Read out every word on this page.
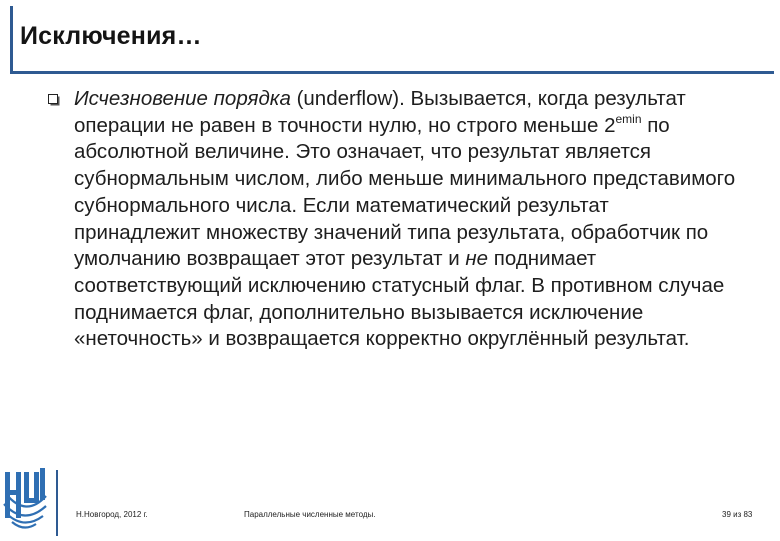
Исключения…

Исчезновение порядка (underflow). Вызывается, когда результат операции не равен в точности нулю, но строго меньше $2^{emin}$ по абсолютной величине. Это означает, что результат является субнормальным числом, либо меньше минимального представимого субнормального числа. Если математический результат принадлежит множеству значений типа результата, обработчик по умолчанию возвращает этот результат и не поднимает соответствующий исключению статусный флаг. В противном случае поднимается флаг, дополнительно вызывается исключение «неточность» и возвращается корректно округлённый результат.

Н.Новгород, 2012 г.	Параллельные численные методы.	39 из 83
